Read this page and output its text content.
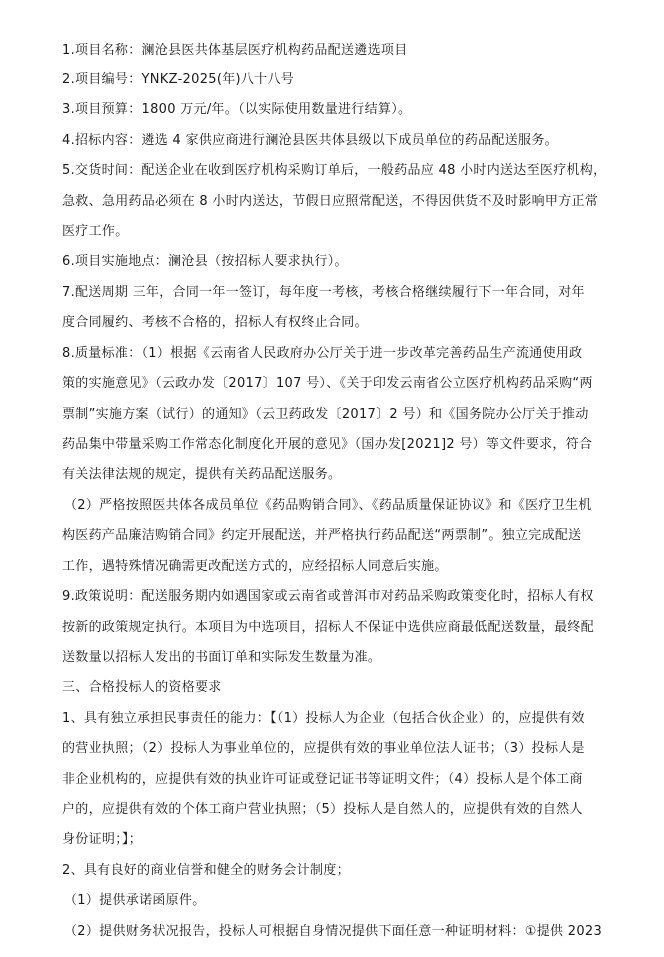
1.项目名称：澜沧县医共体基层医疗机构药品配送遴选项目
2.项目编号：YNKZ-2025(年)八十八号
3.项目预算：1800 万元/年。（以实际使用数量进行结算）。
4.招标内容：遴选 4 家供应商进行澜沧县医共体县级以下成员单位的药品配送服务。
5.交货时间：配送企业在收到医疗机构采购订单后，一般药品应 48 小时内送达至医疗机构，
急救、急用药品必须在 8 小时内送达，节假日应照常配送，不得因供货不及时影响甲方正常
医疗工作。
6.项目实施地点：澜沧县（按招标人要求执行）。
7.配送周期 三年，合同一年一签订，每年度一考核，考核合格继续履行下一年合同，对年
度合同履约、考核不合格的，招标人有权终止合同。
8.质量标准：（1）根据《云南省人民政府办公厅关于进一步改革完善药品生产流通使用政
策的实施意见》（云政办发〔2017〕107 号）、《关于印发云南省公立医疗机构药品采购“两
票制”实施方案（试行）的通知》（云卫药政发〔2017〕2 号）和《国务院办公厅关于推动
药品集中带量采购工作常态化制度化开展的意见》（国办发[2021]2 号）等文件要求，符合
有关法律法规的规定，提供有关药品配送服务。
（2）严格按照医共体各成员单位《药品购销合同》、《药品质量保证协议》和《医疗卫生机
构医药产品廉洁购销合同》约定开展配送，并严格执行药品配送“两票制”。独立完成配送
工作，遇特殊情况确需更改配送方式的，应经招标人同意后实施。
9.政策说明：配送服务期内如遇国家或云南省或普洱市对药品采购政策变化时，招标人有权
按新的政策规定执行。本项目为中选项目，招标人不保证中选供应商最低配送数量，最终配
送数量以招标人发出的书面订单和实际发生数量为准。
三、合格投标人的资格要求
1、具有独立承担民事责任的能力：【（1）投标人为企业（包括合伙企业）的，应提供有效
的营业执照；（2）投标人为事业单位的，应提供有效的事业单位法人证书；（3）投标人是
非企业机构的，应提供有效的执业许可证或登记证书等证明文件；（4）投标人是个体工商
户的，应提供有效的个体工商户营业执照；（5）投标人是自然人的，应提供有效的自然人
身份证明；】；
2、具有良好的商业信誉和健全的财务会计制度；
（1）提供承诺函原件。
（2）提供财务状况报告，投标人可根据自身情况提供下面任意一种证明材料：①提供 2023
